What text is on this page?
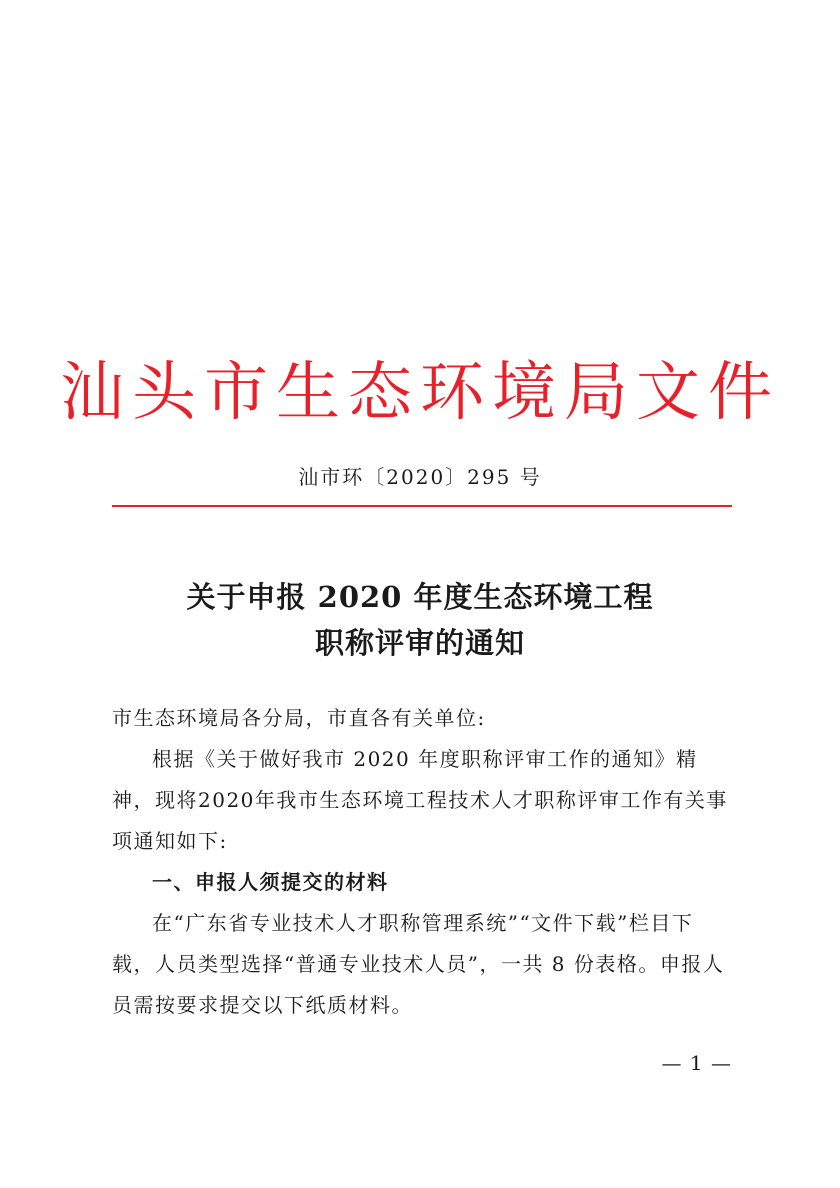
汕头市生态环境局文件
汕市环〔2020〕295 号
关于申报 2020 年度生态环境工程
职称评审的通知

市生态环境局各分局，市直各有关单位:

根据《关于做好我市 2020 年度职称评审工作的通知》精神，现将2020年我市生态环境工程技术人才职称评审工作有关事项通知如下:

一、申报人须提交的材料

在“广东省专业技术人才职称管理系统”“文件下载”栏目下载，人员类型选择“普通专业技术人员”，一共 8 份表格。申报人员需按要求提交以下纸质材料。

— 1 —
